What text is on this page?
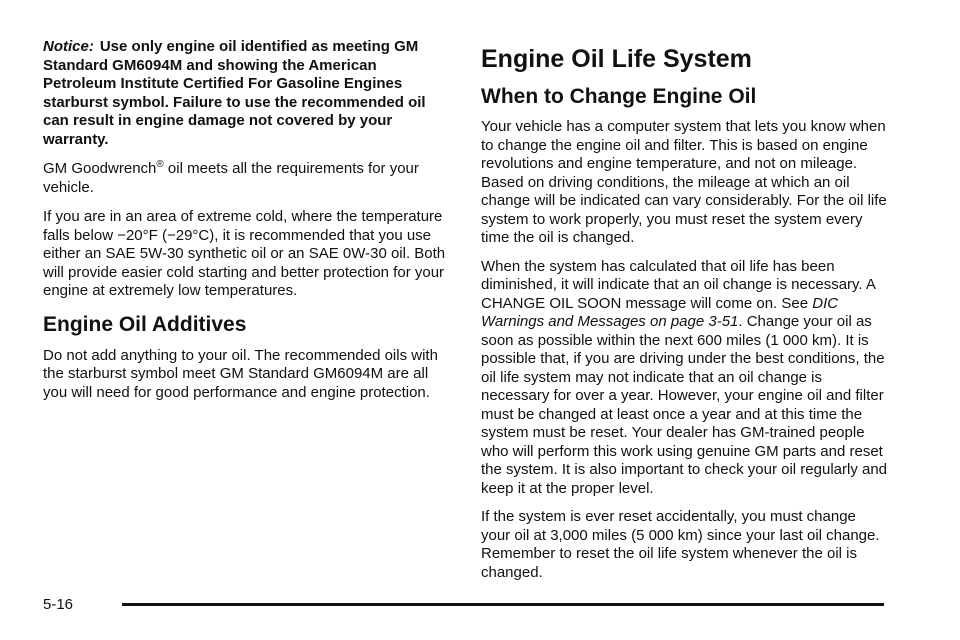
Notice: Use only engine oil identified as meeting GM Standard GM6094M and showing the American Petroleum Institute Certified For Gasoline Engines starburst symbol. Failure to use the recommended oil can result in engine damage not covered by your warranty.

GM Goodwrench® oil meets all the requirements for your vehicle.

If you are in an area of extreme cold, where the temperature falls below −20°F (−29°C), it is recommended that you use either an SAE 5W-30 synthetic oil or an SAE 0W-30 oil. Both will provide easier cold starting and better protection for your engine at extremely low temperatures.

Engine Oil Additives

Do not add anything to your oil. The recommended oils with the starburst symbol meet GM Standard GM6094M are all you will need for good performance and engine protection.

Engine Oil Life System
When to Change Engine Oil

Your vehicle has a computer system that lets you know when to change the engine oil and filter. This is based on engine revolutions and engine temperature, and not on mileage. Based on driving conditions, the mileage at which an oil change will be indicated can vary considerably. For the oil life system to work properly, you must reset the system every time the oil is changed.

When the system has calculated that oil life has been diminished, it will indicate that an oil change is necessary. A CHANGE OIL SOON message will come on. See DIC Warnings and Messages on page 3-51. Change your oil as soon as possible within the next 600 miles (1 000 km). It is possible that, if you are driving under the best conditions, the oil life system may not indicate that an oil change is necessary for over a year. However, your engine oil and filter must be changed at least once a year and at this time the system must be reset. Your dealer has GM-trained people who will perform this work using genuine GM parts and reset the system. It is also important to check your oil regularly and keep it at the proper level.

If the system is ever reset accidentally, you must change your oil at 3,000 miles (5 000 km) since your last oil change. Remember to reset the oil life system whenever the oil is changed.

5-16
